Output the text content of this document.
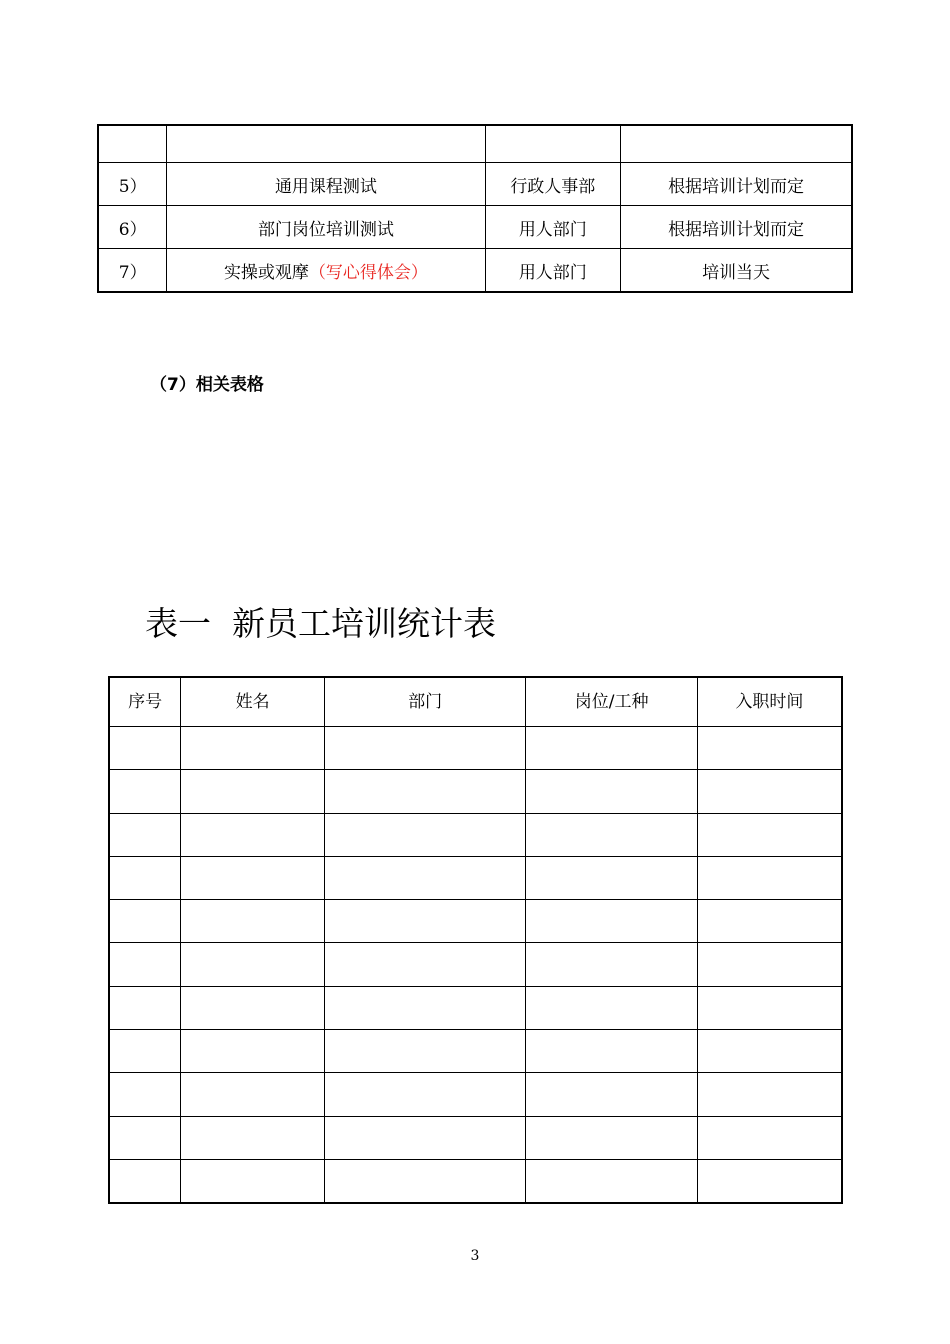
5）	通用课程测试	行政人事部	根据培训计划而定
6）	部门岗位培训测试	用人部门	根据培训计划而定
7）	实操或观摩（写心得体会）	用人部门	培训当天

（7）相关表格

表一  新员工培训统计表
序号	姓名	部门	岗位/工种	入职时间

3
